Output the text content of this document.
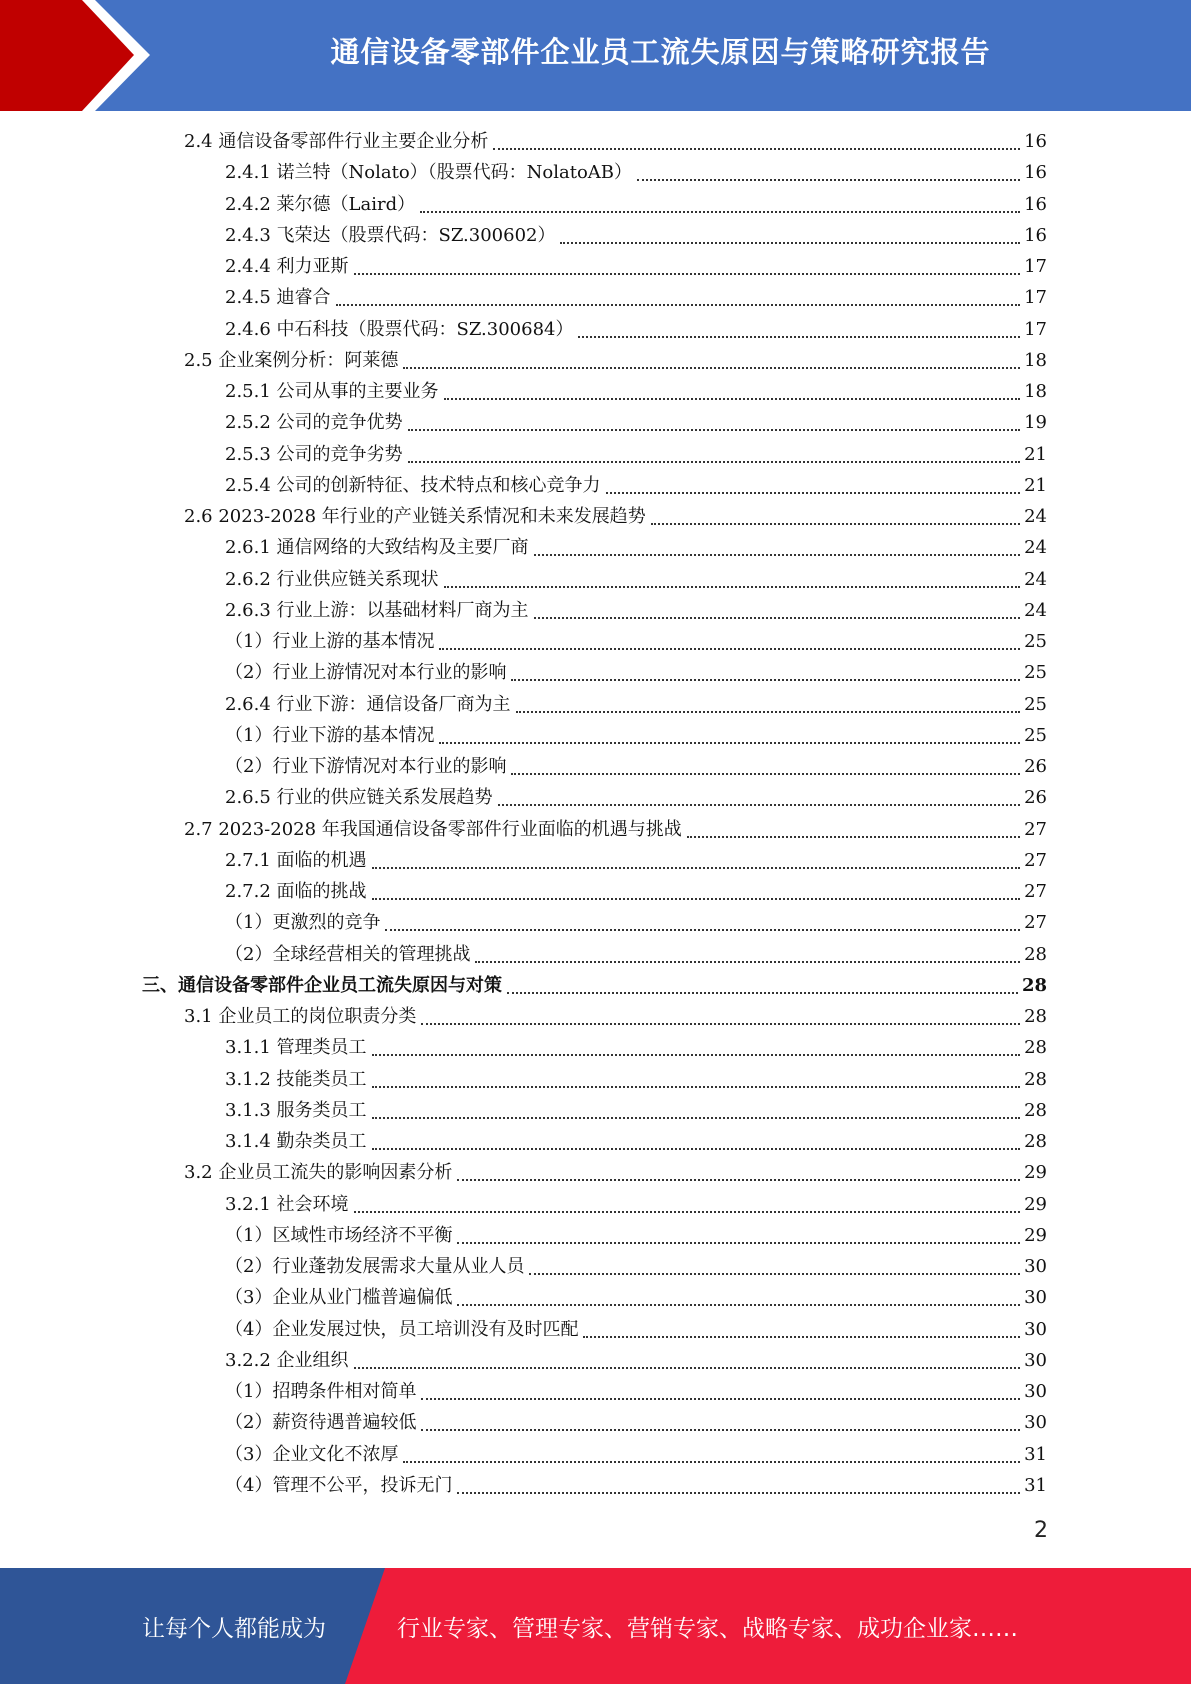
通信设备零部件企业员工流失原因与策略研究报告
2.4 通信设备零部件行业主要企业分析	16
2.4.1 诺兰特（Nolato）（股票代码：NolatoAB）	16
2.4.2 莱尔德（Laird）	16
2.4.3 飞荣达（股票代码：SZ.300602）	16
2.4.4 利力亚斯	17
2.4.5 迪睿合	17
2.4.6 中石科技（股票代码：SZ.300684）	17
2.5 企业案例分析：阿莱德	18
2.5.1 公司从事的主要业务	18
2.5.2 公司的竞争优势	19
2.5.3 公司的竞争劣势	21
2.5.4 公司的创新特征、技术特点和核心竞争力	21
2.6 2023-2028 年行业的产业链关系情况和未来发展趋势	24
2.6.1 通信网络的大致结构及主要厂商	24
2.6.2 行业供应链关系现状	24
2.6.3 行业上游：以基础材料厂商为主	24
（1）行业上游的基本情况	25
（2）行业上游情况对本行业的影响	25
2.6.4 行业下游：通信设备厂商为主	25
（1）行业下游的基本情况	25
（2）行业下游情况对本行业的影响	26
2.6.5 行业的供应链关系发展趋势	26
2.7 2023-2028 年我国通信设备零部件行业面临的机遇与挑战	27
2.7.1 面临的机遇	27
2.7.2 面临的挑战	27
（1）更激烈的竞争	27
（2）全球经营相关的管理挑战	28
三、通信设备零部件企业员工流失原因与对策	28
3.1 企业员工的岗位职责分类	28
3.1.1 管理类员工	28
3.1.2 技能类员工	28
3.1.3 服务类员工	28
3.1.4 勤杂类员工	28
3.2 企业员工流失的影响因素分析	29
3.2.1 社会环境	29
（1）区域性市场经济不平衡	29
（2）行业蓬勃发展需求大量从业人员	30
（3）企业从业门槛普遍偏低	30
（4）企业发展过快，员工培训没有及时匹配	30
3.2.2 企业组织	30
（1）招聘条件相对简单	30
（2）薪资待遇普遍较低	30
（3）企业文化不浓厚	31
（4）管理不公平，投诉无门	31
2
让每个人都能成为	行业专家、管理专家、营销专家、战略专家、成功企业家……
